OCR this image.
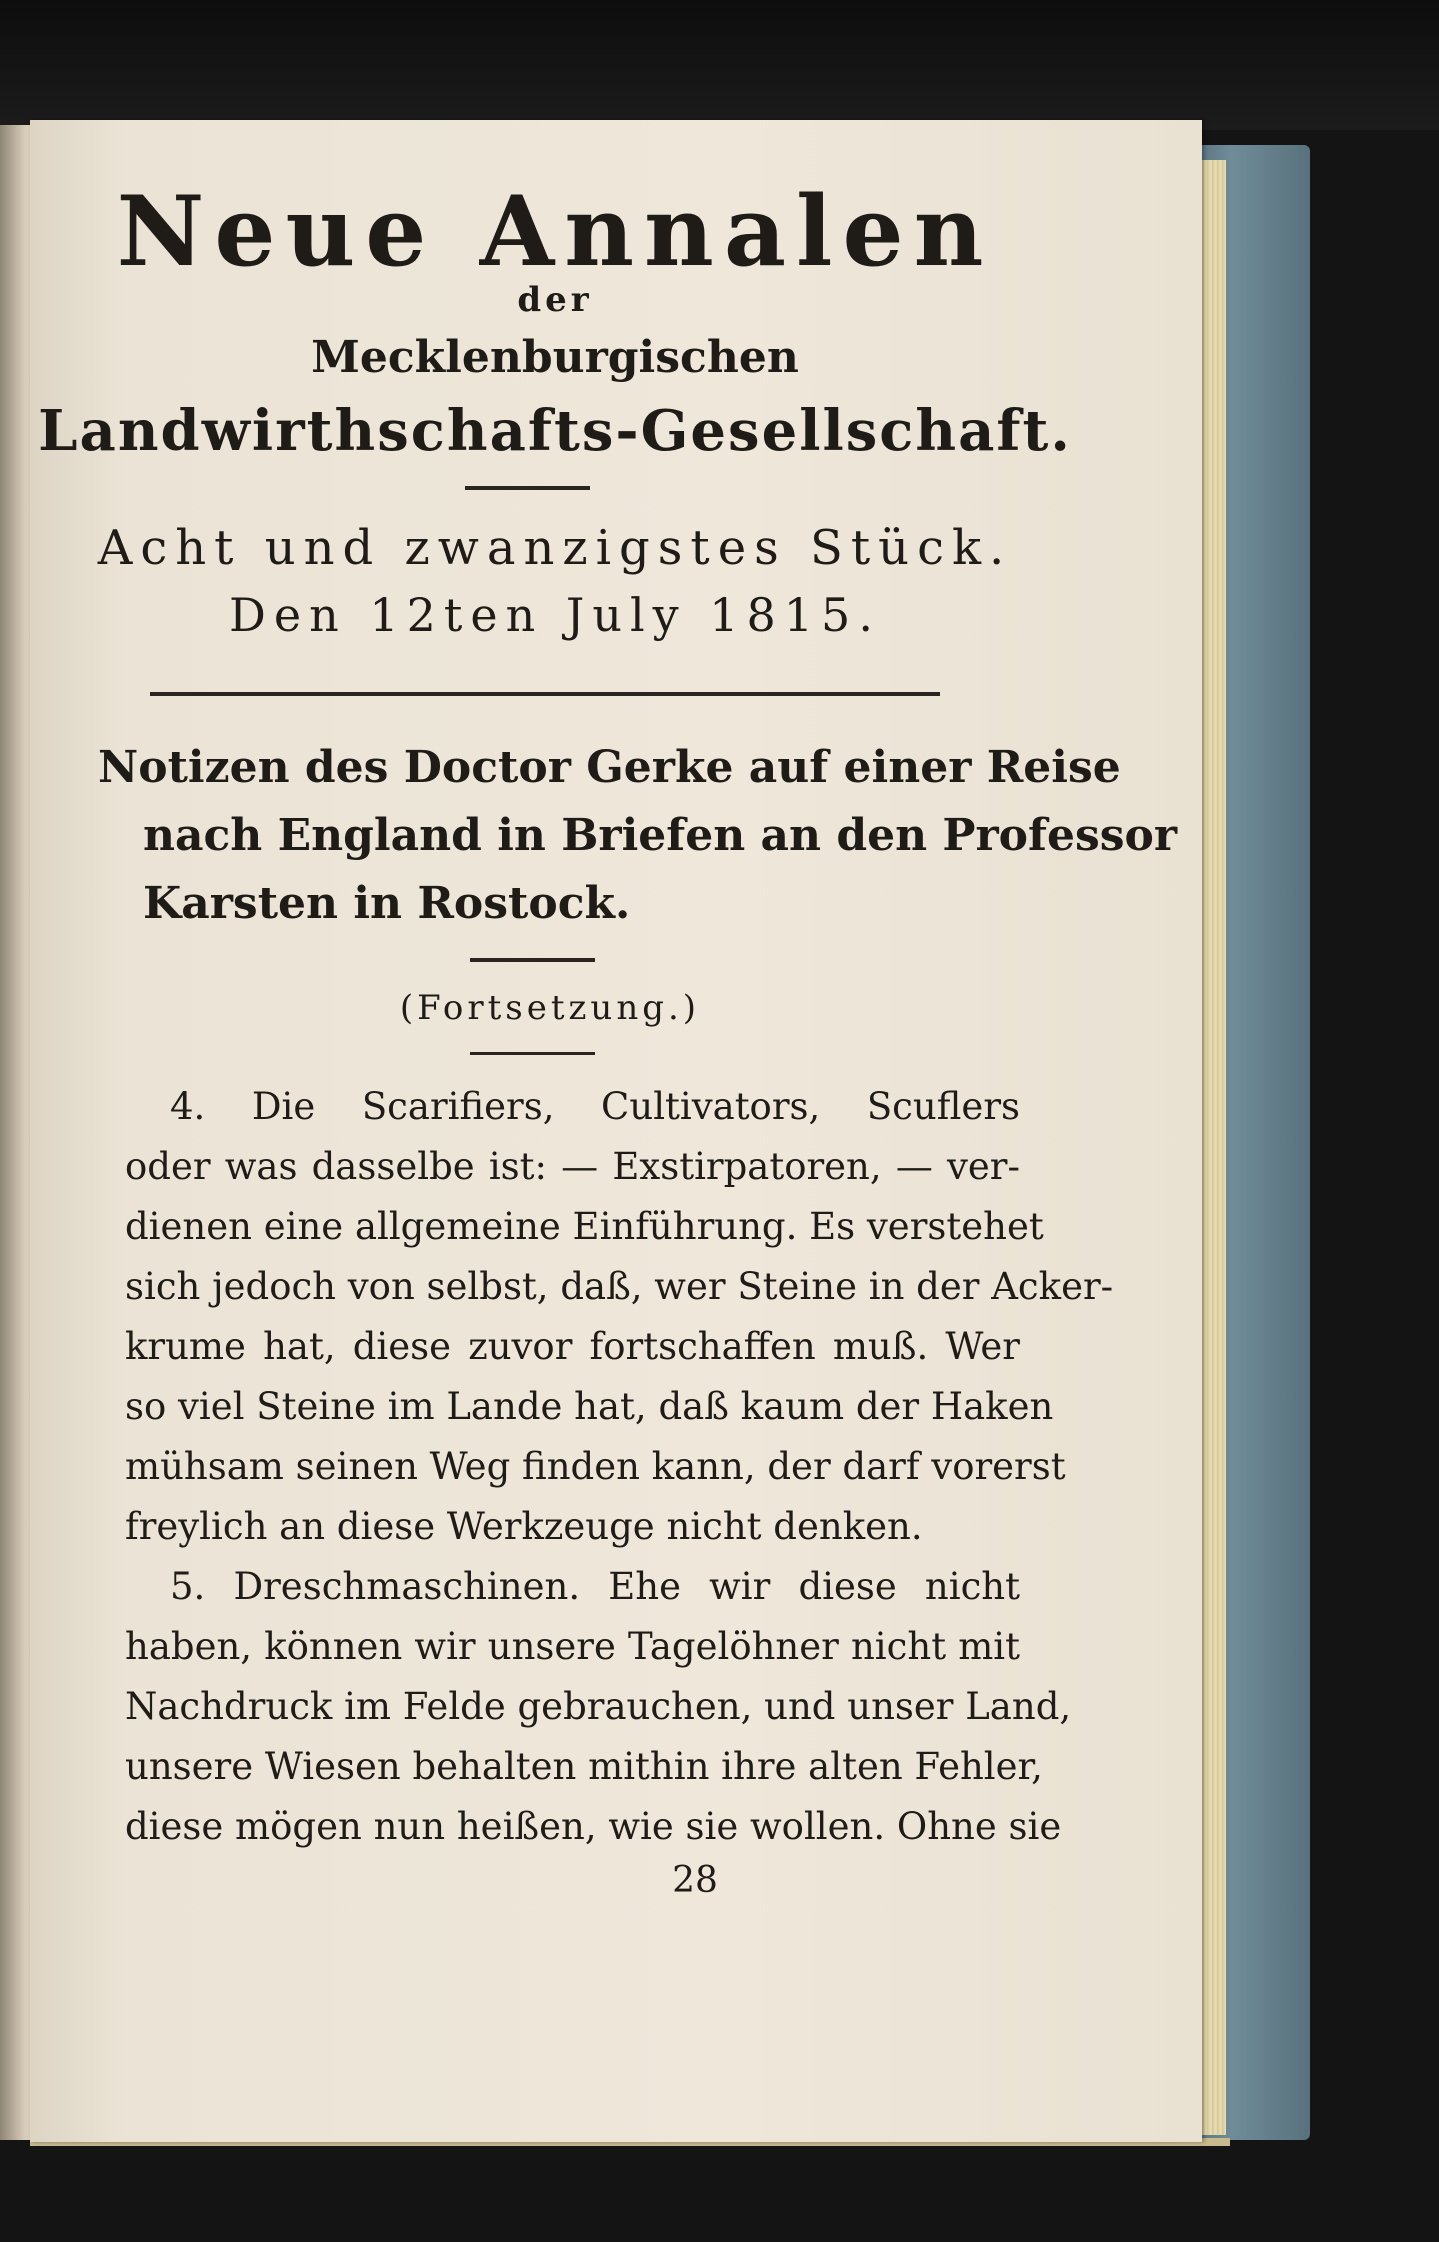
Neue Annalen
der
Mecklenburgischen
Landwirthschafts-Gesellschaft.
Acht und zwanzigstes Stück.
Den 12ten July 1815.
Notizen des Doctor Gerke auf einer Reise
nach England in Briefen an den Professor
Karsten in Rostock.
(Fortsetzung.)
4. Die Scarifiers, Cultivators, Scuflers
oder was dasselbe ist: — Exstirpatoren, — ver-
dienen eine allgemeine Einführung. Es verstehet
sich jedoch von selbst, daß, wer Steine in der Acker-
krume hat, diese zuvor fortschaffen muß. Wer
so viel Steine im Lande hat, daß kaum der Haken
mühsam seinen Weg finden kann, der darf vorerst
freylich an diese Werkzeuge nicht denken.
5. Dreschmaschinen. Ehe wir diese nicht
haben, können wir unsere Tagelöhner nicht mit
Nachdruck im Felde gebrauchen, und unser Land,
unsere Wiesen behalten mithin ihre alten Fehler,
diese mögen nun heißen, wie sie wollen. Ohne sie
28
